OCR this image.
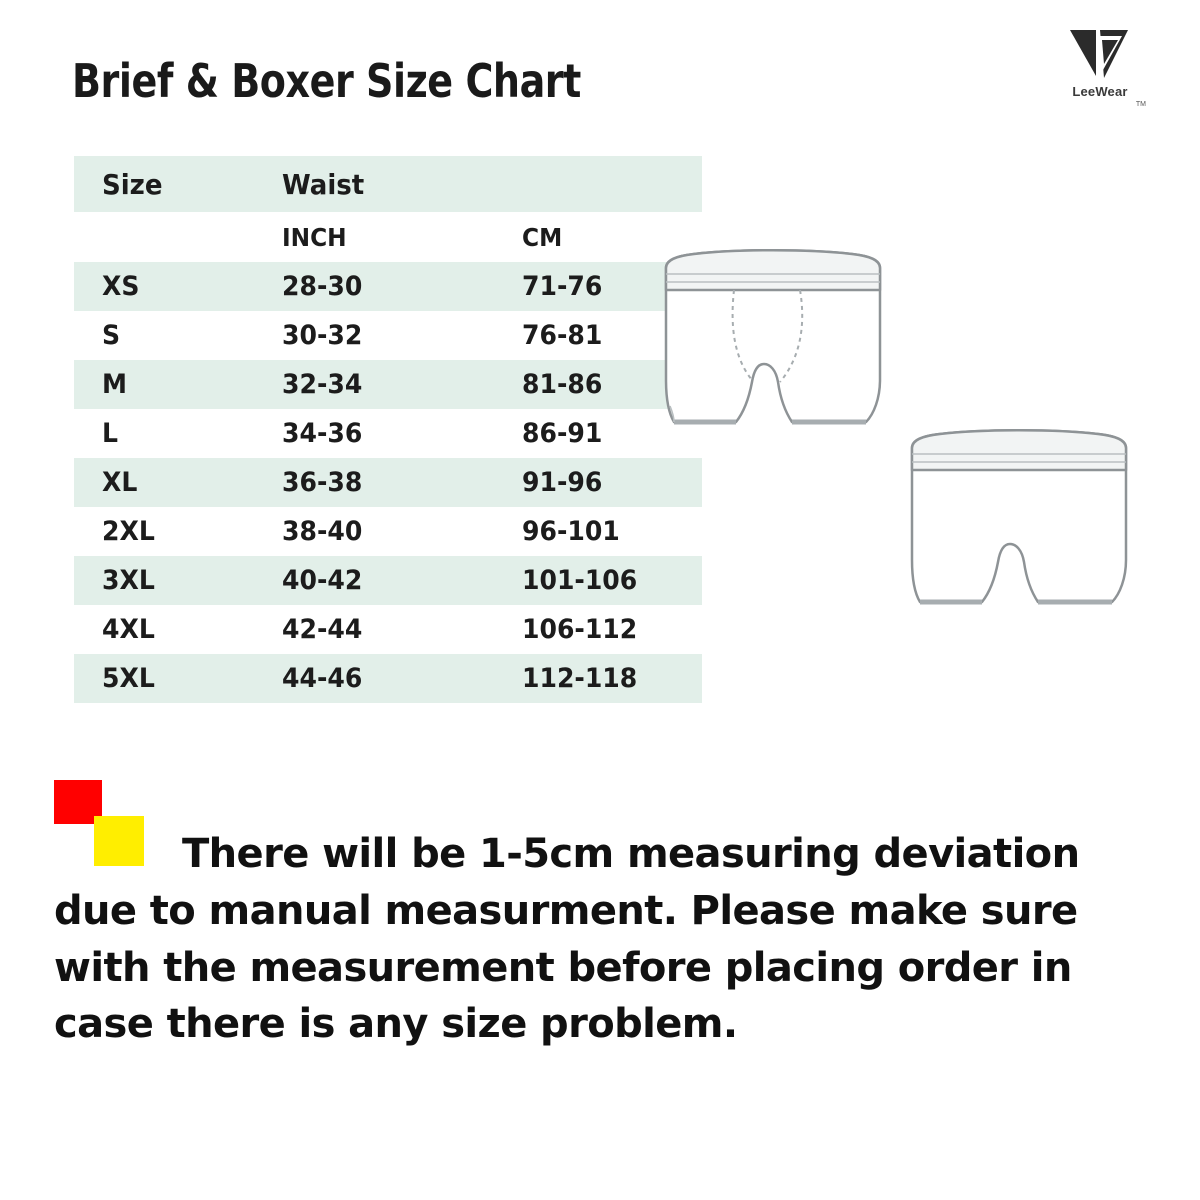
Brief & Boxer Size Chart	LeeWear
TM
Size	Waist	

	INCH	CM

XS	28-30	71-76

S	30-32	76-81

M	32-34	81-86

L	34-36	86-91

XL	36-38	91-96

2XL	38-40	96-101

3XL	40-42	101-106

4XL	42-44	106-112

5XL	44-46	112-118
There will be 1-5cm measuring deviation due to manual measurment. Please make sure with the measurement before placing order in case there is any size problem.
